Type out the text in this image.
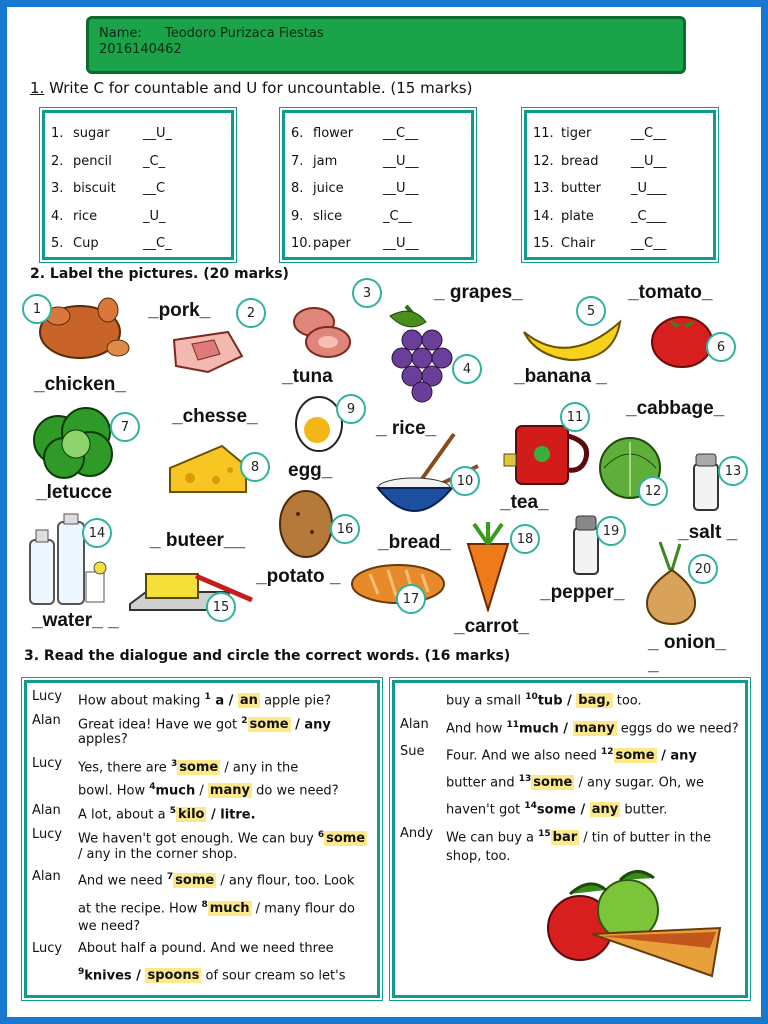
Name: Teodoro Purizaca Fiestas
2016140462
1. Write C for countable and U for uncountable. (15 marks)
1. sugar	__U_
2. pencil	_C_
3. biscuit	__C
4. rice	_U_
5. Cup	__C_
6. flower	__C__
7. jam	__U__
8. juice	__U__
9. slice	_C__
10. paper	__U__
11. tiger	__C__
12. bread	__U__
13. butter	_U___
14. plate	_C___
15. Chair	__C__
2. Label the pictures. (20 marks)
_chicken_
_pork_
_tuna
_ grapes_
_banana _
_tomato_
_letucce
_chesse_
egg_
_ rice_
_tea_
_cabbage_
_ buteer__
_potato _
_bread_
_carrot_
_salt _
_pepper_
_water_ _
_ onion_
_
1	2
3
4
5
6
7
8
9
10
11
12
13
14
15
16
17
18
19
20
3. Read the dialogue and circle the correct words. (16 marks)
Lucy How about making $^1$ a / an apple pie?
Alan Great idea! Have we got $^2$ some / any
apples?
Lucy Yes, there are $^3$ some / any in the
bowl. How $^4$much / many do we need?
Alan A lot, about a $^5$ kilo / litre.
Lucy We haven't got enough. We can buy $^6$ some
/ any in the corner shop.
Alan And we need $^7$ some / any flour, too. Look
at the recipe. How $^8$ much / many flour do
we need?
Lucy About half a pound. And we need three
$^9$knives / spoons of sour cream so let's
buy a small $^{10}$tub / bag, too.
Alan And how $^{11}$much / many eggs do we need?
Sue Four. And we also need $^{12}$ some / any
butter and $^{13}$ some / any sugar. Oh, we
haven't got $^{14}$some / any butter.
Andy We can buy a $^{15}$ bar / tin of butter in the
shop, too.
